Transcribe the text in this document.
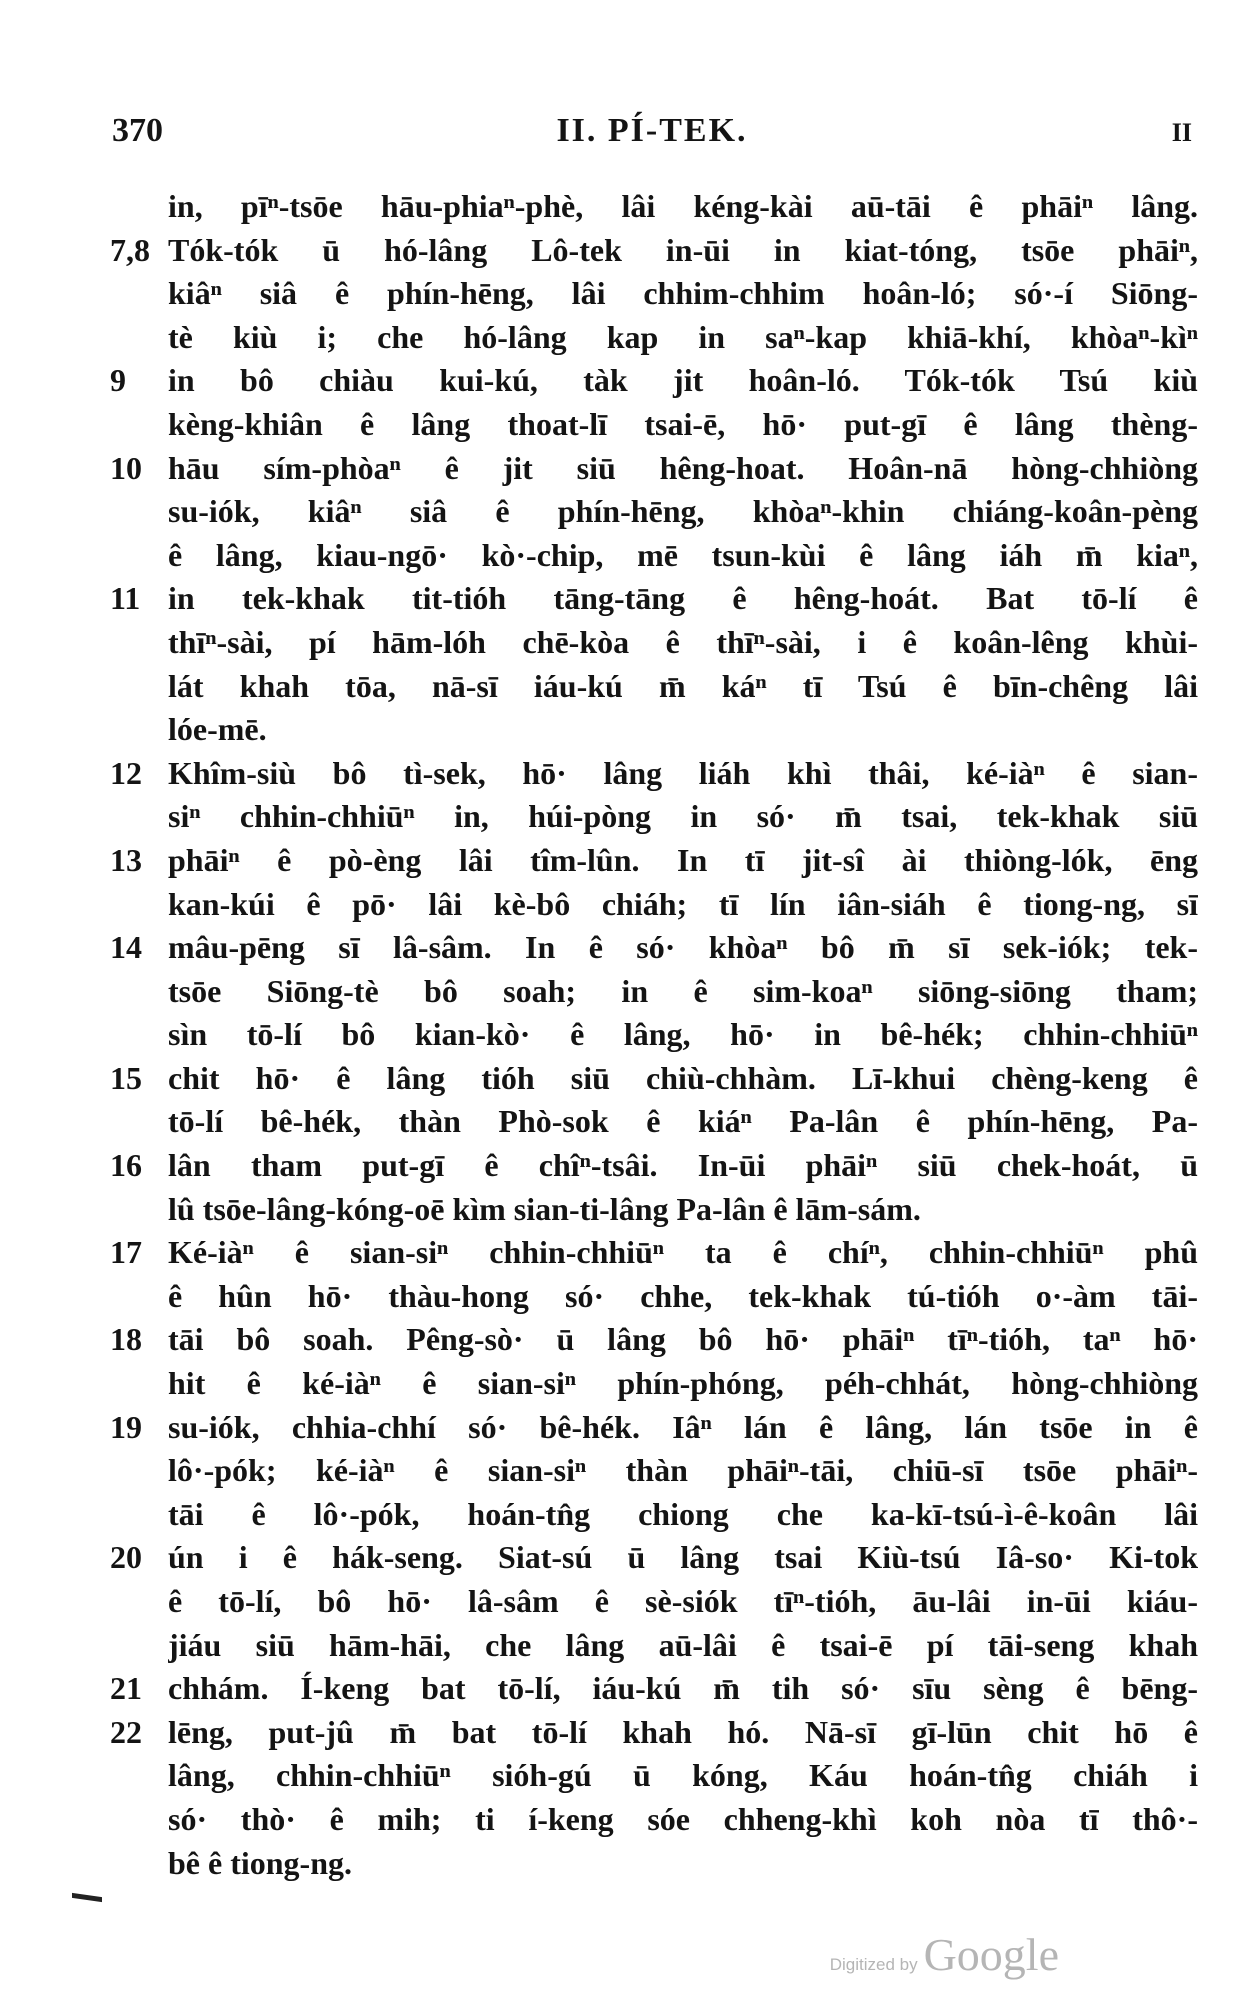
II. PÍ-TEK.
370	II
in, pīⁿ-tsōe hāu-phiaⁿ-phè, lâi kéng-kài aū-tāi ê phāiⁿ lâng.
7,8 Tók-tók ū hó-lâng Lô-tek in-ūi in kiat-tóng, tsōe phāiⁿ,
kiâⁿ siâ ê phín-hēng, lâi chhim-chhim hoân-ló; só·-í Siōng-
tè kiù i; che hó-lâng kap in saⁿ-kap khiā-khí, khòaⁿ-kìⁿ
9	in bô chiàu kui-kú, tàk jit hoân-ló. Tók-tók Tsú kiù
kèng-khiân ê lâng thoat-lī tsai-ē, hō· put-gī ê lâng thèng-
10 hāu sím-phòaⁿ ê jit siū hêng-hoat. Hoân-nā hòng-chhiòng
su-iók, kiâⁿ siâ ê phín-hēng, khòaⁿ-khin chiáng-koân-pèng
ê lâng, kiau-ngō· kò·-chip, mē tsun-kùi ê lâng iáh m̄ kiaⁿ,
11 in tek-khak tit-tióh tāng-tāng ê hêng-hoát. Bat tō-lí ê
thīⁿ-sài, pí hām-lóh chē-kòa ê thīⁿ-sài, i ê koân-lêng khùi-
lát khah tōa, nā-sī iáu-kú m̄ káⁿ tī Tsú ê bīn-chêng lâi
lóe-mē.
12 Khîm-siù bô tì-sek, hō· lâng liáh khì thâi, ké-iàⁿ ê sian-
siⁿ chhin-chhiūⁿ in, húi-pòng in só· m̄ tsai, tek-khak siū
13 phāiⁿ ê pò-èng lâi tîm-lûn. In tī jit-sî ài thiòng-lók, ēng
kan-kúi ê pō· lâi kè-bô chiáh; tī lín iân-siáh ê tiong-ng, sī
14 mâu-pēng sī lâ-sâm. In ê só· khòaⁿ bô m̄ sī sek-iók; tek-
tsōe Siōng-tè bô soah; in ê sim-koaⁿ siōng-siōng tham;
sìn tō-lí bô kian-kò· ê lâng, hō· in bê-hék; chhin-chhiūⁿ
15 chit hō· ê lâng tióh siū chiù-chhàm. Lī-khui chèng-keng ê
tō-lí bê-hék, thàn Phò-sok ê kiáⁿ Pa-lân ê phín-hēng, Pa-
16 lân tham put-gī ê chîⁿ-tsâi. In-ūi phāiⁿ siū chek-hoát, ū
lû tsōe-lâng-kóng-oē kìm sian-ti-lâng Pa-lân ê lām-sám.
17 Ké-iàⁿ ê sian-siⁿ chhin-chhiūⁿ ta ê chíⁿ, chhin-chhiūⁿ phû
ê hûn hō· thàu-hong só· chhe, tek-khak tú-tióh o·-àm tāi-
18 tāi bô soah. Pêng-sò· ū lâng bô hō· phāiⁿ tīⁿ-tióh, taⁿ hō·
hit ê ké-iàⁿ ê sian-siⁿ phín-phóng, péh-chhát, hòng-chhiòng
19 su-iók, chhia-chhí só· bê-hék. Iâⁿ lán ê lâng, lán tsōe in ê
lô·-pók; ké-iàⁿ ê sian-siⁿ thàn phāiⁿ-tāi, chiū-sī tsōe phāiⁿ-
tāi ê lô·-pók, hoán-tn̂g chiong che ka-kī-tsú-ì-ê-koân lâi
20 ún i ê hák-seng. Siat-sú ū lâng tsai Kiù-tsú Iâ-so· Ki-tok
ê tō-lí, bô hō· lâ-sâm ê sè-siók tīⁿ-tióh, āu-lâi in-ūi kiáu-
jiáu siū hām-hāi, che lâng aū-lâi ê tsai-ē pí tāi-seng khah
21 chhám. Í-keng bat tō-lí, iáu-kú m̄ tih só· sīu sèng ê bēng-
22 lēng, put-jû m̄ bat tō-lí khah hó. Nā-sī gī-lūn chit hō ê
lâng, chhin-chhiūⁿ sióh-gú ū kóng, Káu hoán-tn̂g chiáh i
só· thò· ê mih; ti í-keng sóe chheng-khì koh nòa tī thô·-
bê ê tiong-ng.
Digitized by Google
